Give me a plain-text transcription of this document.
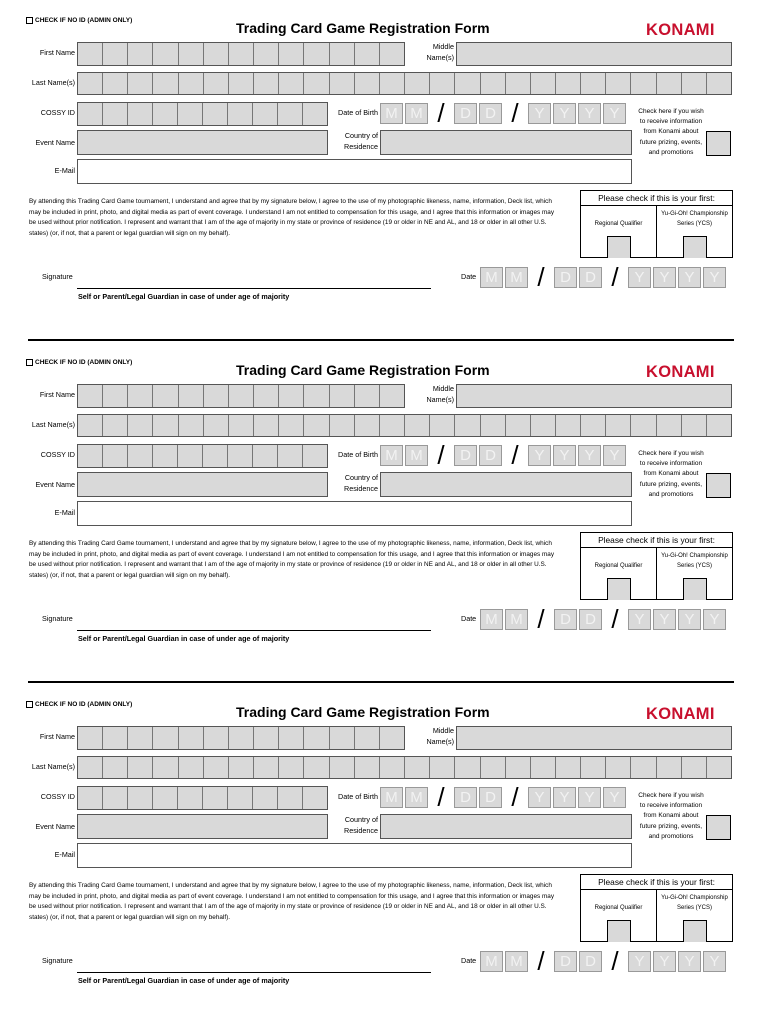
CHECK IF NO ID (ADMIN ONLY)	Trading Card Game Registration Form	KONAMI
First Name
Middle Name(s)
Last Name(s)
COSSY ID	Date of Birth M M /	D D /	Y Y Y Y
Event Name
Country of Residence
Check here if you wish to receive information from Konami about future prizing, events, and promotions
E-Mail
By attending this Trading Card Game tournament, I understand and agree that by my signature below, I agree to the use of my photographic likeness, name, information, Deck list, which may be included in print, photo, and digital media as part of event coverage. I understand I am not entitled to compensation for this usage, and I agree that this information or images may be used without prior notification. I represent and warrant that I am of the age of majority in my state or province of residence (19 or older in NE and AL, and 18 or older in all other U.S. states) (or, if not, that a parent or legal guardian will sign on my behalf).
Please check if this is your first:
Regional Qualifier
Yu-Gi-Oh! Championship Series (YCS)
Signature
Self or Parent/Legal Guardian in case of under age of majority
Date M M /	D D /	Y Y Y Y
CHECK IF NO ID (ADMIN ONLY)	Trading Card Game Registration Form	KONAMI
First Name
Middle Name(s)
Last Name(s)
COSSY ID	Date of Birth M M /	D D /	Y Y Y Y
Event Name
Country of Residence
Check here if you wish to receive information from Konami about future prizing, events, and promotions
E-Mail
By attending this Trading Card Game tournament, I understand and agree that by my signature below, I agree to the use of my photographic likeness, name, information, Deck list, which may be included in print, photo, and digital media as part of event coverage. I understand I am not entitled to compensation for this usage, and I agree that this information or images may be used without prior notification. I represent and warrant that I am of the age of majority in my state or province of residence (19 or older in NE and AL, and 18 or older in all other U.S. states) (or, if not, that a parent or legal guardian will sign on my behalf).
Please check if this is your first:
Regional Qualifier
Yu-Gi-Oh! Championship Series (YCS)
Signature
Self or Parent/Legal Guardian in case of under age of majority
Date M M /	D D /	Y Y Y Y
CHECK IF NO ID (ADMIN ONLY)	Trading Card Game Registration Form	KONAMI
First Name
Middle Name(s)
Last Name(s)
COSSY ID	Date of Birth M M /	D D /	Y Y Y Y
Event Name
Country of Residence
Check here if you wish to receive information from Konami about future prizing, events, and promotions
E-Mail
By attending this Trading Card Game tournament, I understand and agree that by my signature below, I agree to the use of my photographic likeness, name, information, Deck list, which may be included in print, photo, and digital media as part of event coverage. I understand I am not entitled to compensation for this usage, and I agree that this information or images may be used without prior notification. I represent and warrant that I am of the age of majority in my state or province of residence (19 or older in NE and AL, and 18 or older in all other U.S. states) (or, if not, that a parent or legal guardian will sign on my behalf).
Please check if this is your first:
Regional Qualifier
Yu-Gi-Oh! Championship Series (YCS)
Signature
Self or Parent/Legal Guardian in case of under age of majority
Date M M /	D D /	Y Y Y Y
